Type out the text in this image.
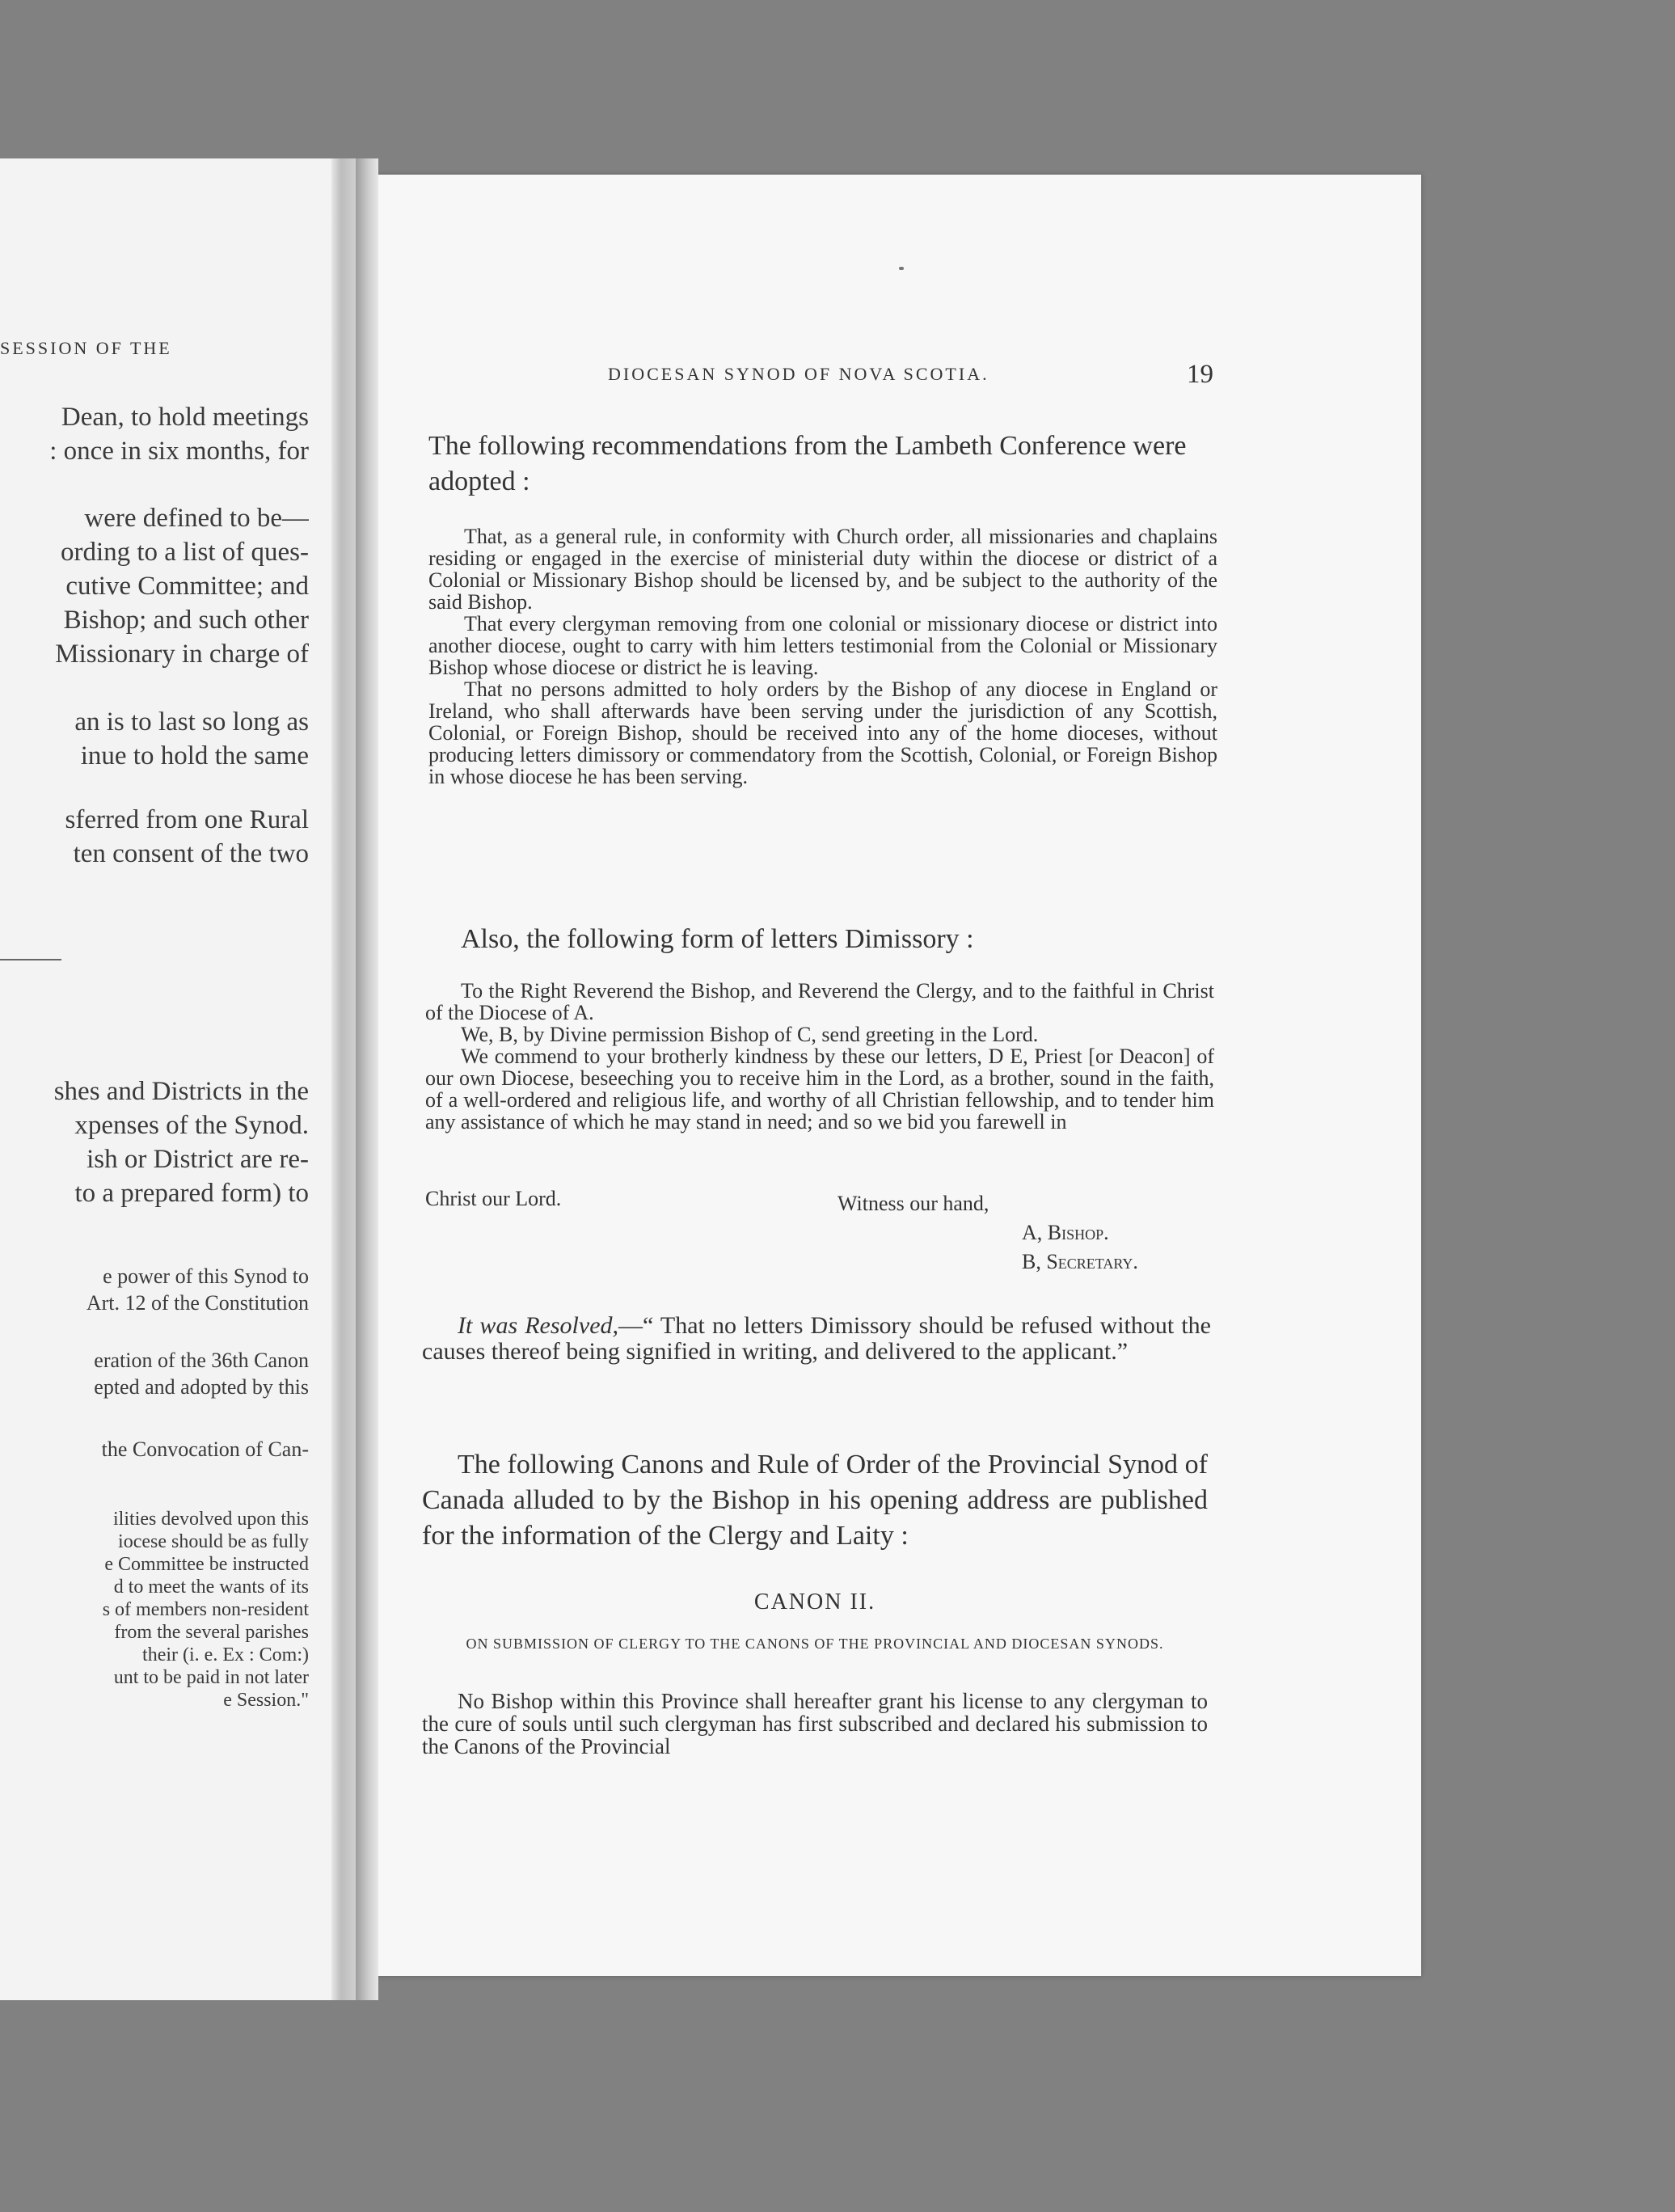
SESSION OF THE
Dean, to hold meetings
: once in six months, for
were defined to be—
ording to a list of ques-
cutive Committee; and
Bishop; and such other
Missionary in charge of
an is to last so long as
inue to hold the same
sferred from one Rural
ten consent of the two
shes and Districts in the
xpenses of the Synod.
ish or District are re-
to a prepared form) to
e power of this Synod to
Art. 12 of the Constitution
eration of the 36th Canon
epted and adopted by this
the Convocation of Can-
ilities devolved upon this
iocese should be as fully
e Committee be instructed
d to meet the wants of its
s of members non-resident
from the several parishes
their (i. e. Ex : Com:)
unt to be paid in not later
e Session."
DIOCESAN SYNOD OF NOVA SCOTIA.	19
The following recommendations from the Lambeth Conference were adopted :

That, as a general rule, in conformity with Church order, all missionaries and chaplains residing or engaged in the exercise of ministerial duty within the diocese or district of a Colonial or Missionary Bishop should be licensed by, and be subject to the authority of the said Bishop.

That every clergyman removing from one colonial or missionary diocese or district into another diocese, ought to carry with him letters testimonial from the Colonial or Missionary Bishop whose diocese or district he is leaving.

That no persons admitted to holy orders by the Bishop of any diocese in England or Ireland, who shall afterwards have been serving under the jurisdiction of any Scottish, Colonial, or Foreign Bishop, should be received into any of the home dioceses, without producing letters dimissory or commendatory from the Scottish, Colonial, or Foreign Bishop in whose diocese he has been serving.

Also, the following form of letters Dimissory :

To the Right Reverend the Bishop, and Reverend the Clergy, and to the faithful in Christ of the Diocese of A.

We, B, by Divine permission Bishop of C, send greeting in the Lord.

We commend to your brotherly kindness by these our letters, D E, Priest [or Deacon] of our own Diocese, beseeching you to receive him in the Lord, as a brother, sound in the faith, of a well-ordered and religious life, and worthy of all Christian fellowship, and to tender him any assistance of which he may stand in need; and so we bid you farewell in

Christ our Lord.	Witness our hand,
A, Bishop.
B, Secretary.
It was Resolved,—“ That no letters Dimissory should be refused without the causes thereof being signified in writing, and delivered to the applicant.”
The following Canons and Rule of Order of the Provincial Synod of Canada alluded to by the Bishop in his opening address are published for the information of the Clergy and Laity :
CANON II.
ON SUBMISSION OF CLERGY TO THE CANONS OF THE PROVINCIAL AND DIOCESAN SYNODS.
No Bishop within this Province shall hereafter grant his license to any clergyman to the cure of souls until such clergyman has first subscribed and declared his submission to the Canons of the Provincial
